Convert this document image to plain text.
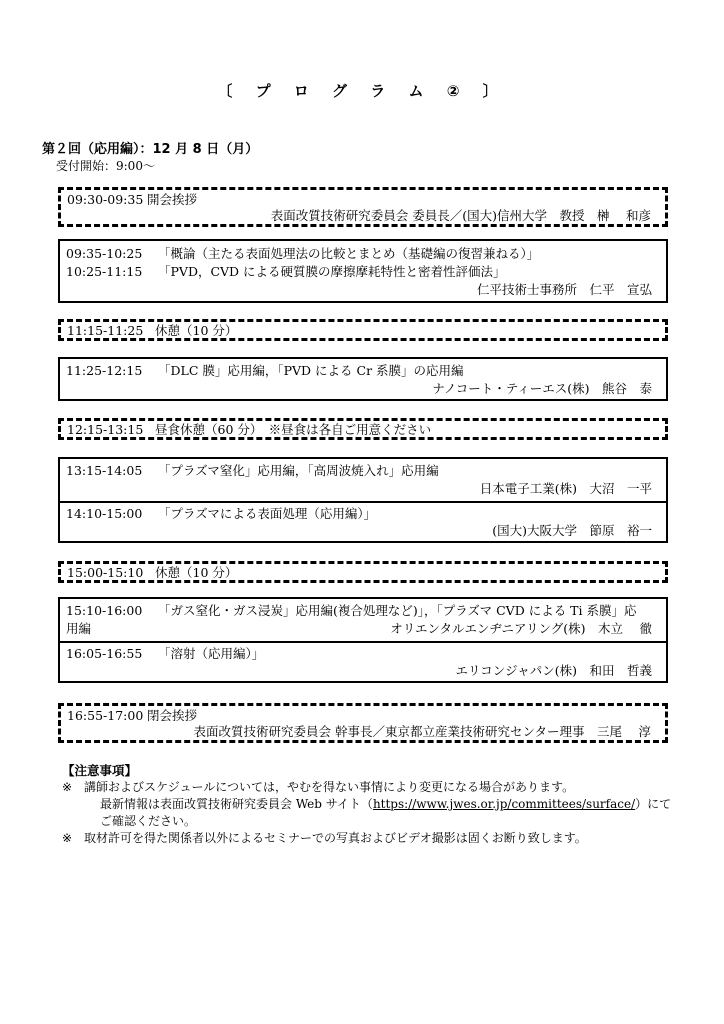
〔 プ ロ グ ラ ム ② 〕
第２回（応用編）：12 月 8 日（月）
受付開始：9:00〜
09:30-09:35 開会挨拶
表面改質技術研究委員会 委員長／(国大)信州大学　教授　榊　 和彦
09:35-10:25 「概論（主たる表面処理法の比較とまとめ（基礎編の復習兼ねる）」
10:25-11:15 「PVD，CVD による硬質膜の摩擦摩耗特性と密着性評価法」
仁平技術士事務所　仁平　宣弘
11:15-11:25 休憩（10 分）
11:25-12:15 「DLC 膜」応用編，「PVD による Cr 系膜」の応用編
ナノコート・ティーエス(株)　熊谷　泰
12:15-13:15 昼食休憩（60 分）　※昼食は各自ご用意ください
13:15-14:05 「プラズマ窒化」応用編，「高周波焼入れ」応用編
日本電子工業(株)　大沼　一平
14:10-15:00 「プラズマによる表面処理（応用編）」
(国大)大阪大学　節原　裕一
15:00-15:10 休憩（10 分）
15:10-16:00 「ガス窒化・ガス浸炭」応用編(複合処理など)」，「プラズマ CVD による Ti 系膜」応
用編	オリエンタルエンヂニアリング(株)　木立　 徹
16:05-16:55 「溶射（応用編）」
エリコンジャパン(株)　和田　哲義
16:55-17:00 閉会挨拶
表面改質技術研究委員会 幹事長／東京都立産業技術研究センター理事　三尾　 淳
【注意事項】
※ 講師およびスケジュールについては，やむを得ない事情により変更になる場合があります。
最新情報は表面改質技術研究委員会 Web サイト（https://www.jwes.or.jp/committees/surface/）にて
ご確認ください。
※ 取材許可を得た関係者以外によるセミナーでの写真およびビデオ撮影は固くお断り致します。
